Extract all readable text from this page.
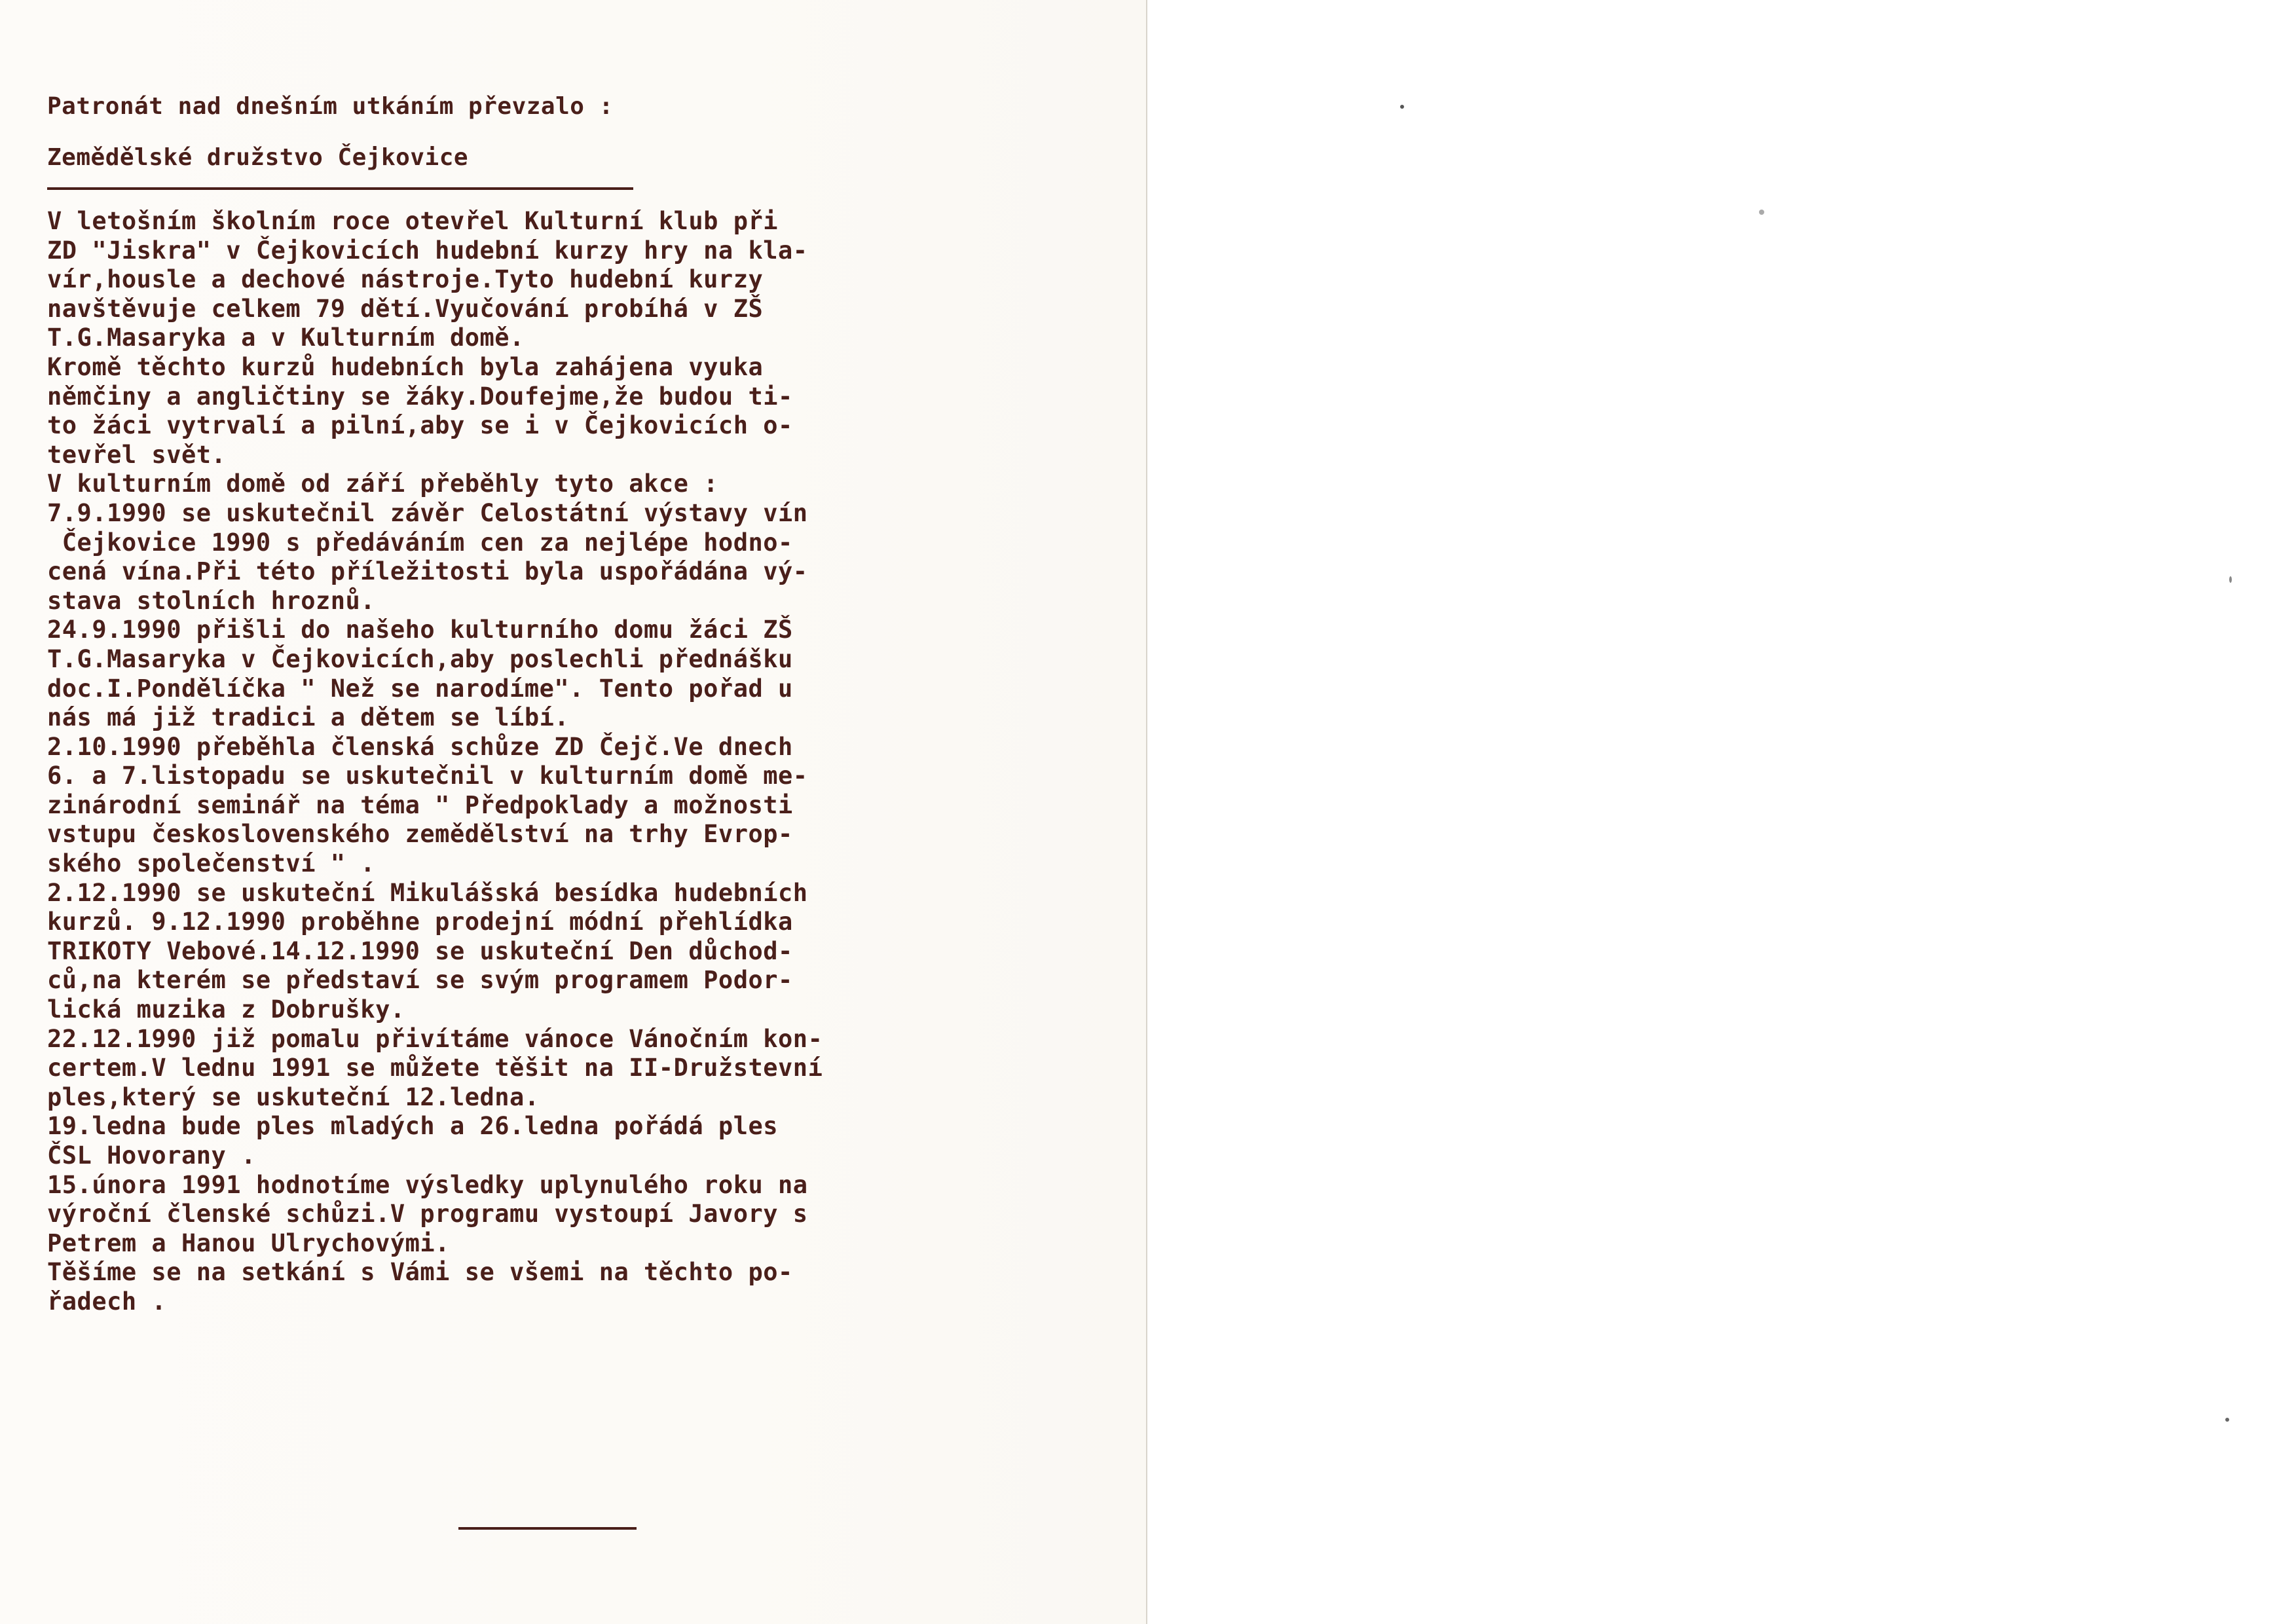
Patronát nad dnešním utkáním převzalo :

Zemědělské družstvo Čejkovice

V letošním školním roce otevřel Kulturní klub při

ZD "Jiskra" v Čejkovicích hudební kurzy hry na kla-

vír,housle a dechové nástroje.Tyto hudební kurzy

navštěvuje celkem 79 dětí.Vyučování probíhá v ZŠ

T.G.Masaryka a v Kulturním domě.

Kromě těchto kurzů hudebních byla zahájena vyuka

němčiny a angličtiny se žáky.Doufejme,že budou ti-

to žáci vytrvalí a pilní,aby se i v Čejkovicích o-

tevřel svět.

V kulturním domě od září přeběhly tyto akce :

7.9.1990 se uskutečnil závěr Celostátní výstavy vín

Čejkovice 1990 s předáváním cen za nejlépe hodno-

cená vína.Při této příležitosti byla uspořádána vý-

stava stolních hroznů.

24.9.1990 přišli do našeho kulturního domu žáci ZŠ

T.G.Masaryka v Čejkovicích,aby poslechli přednášku

doc.I.Pondělíčka " Než se narodíme". Tento pořad u

nás má již tradici a dětem se líbí.

2.10.1990 přeběhla členská schůze ZD Čejč.Ve dnech

6. a 7.listopadu se uskutečnil v kulturním domě me-

zinárodní seminář na téma " Předpoklady a možnosti

vstupu československého zemědělství na trhy Evrop-

ského společenství " .

2.12.1990 se uskuteční Mikulášská besídka hudebních

kurzů. 9.12.1990 proběhne prodejní módní přehlídka

TRIKOTY Vebové.14.12.1990 se uskuteční Den důchod-

ců,na kterém se představí se svým programem Podor-

lická muzika z Dobrušky.

22.12.1990 již pomalu přivítáme vánoce Vánočním kon-

certem.V lednu 1991 se můžete těšit na II-Družstevní

ples,který se uskuteční 12.ledna.

19.ledna bude ples mladých a 26.ledna pořádá ples

ČSL Hovorany .

15.února 1991 hodnotíme výsledky uplynulého roku na

výroční členské schůzi.V programu vystoupí Javory s

Petrem a Hanou Ulrychovými.

Těšíme se na setkání s Vámi se všemi na těchto po-

řadech .
